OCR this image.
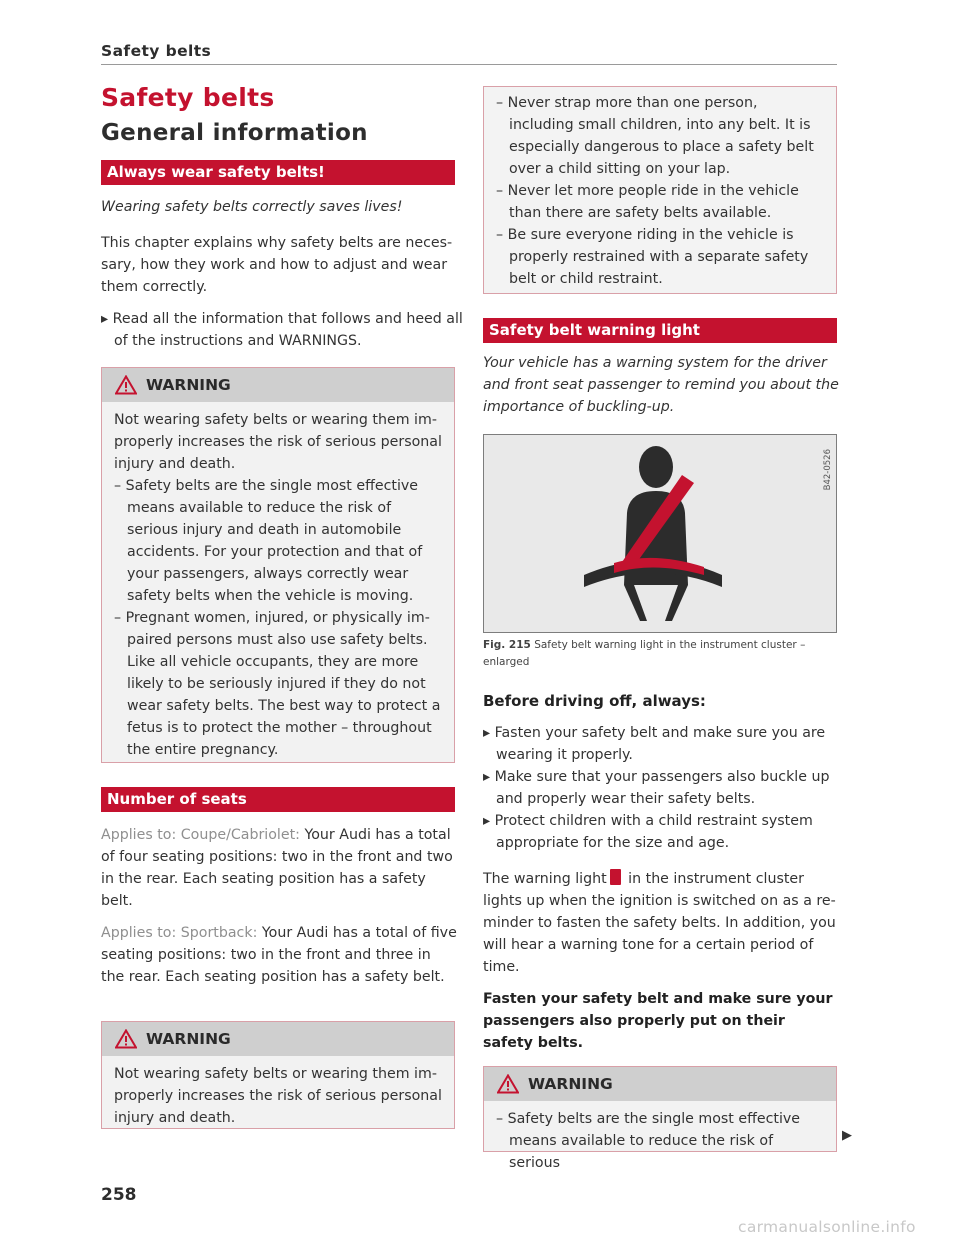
Safety belts
Safety belts
General information
Always wear safety belts!
Wearing safety belts correctly saves lives!
This chapter explains why safety belts are necessary, how they work and how to adjust and wear them correctly.
▸ Read all the information that follows and heed all of the instructions and WARNINGS.
WARNING
Not wearing safety belts or wearing them improperly increases the risk of serious personal injury and death.
– Safety belts are the single most effective means available to reduce the risk of serious injury and death in automobile accidents. For your protection and that of your passengers, always correctly wear safety belts when the vehicle is moving.
– Pregnant women, injured, or physically impaired persons must also use safety belts. Like all vehicle occupants, they are more likely to be seriously injured if they do not wear safety belts. The best way to protect a fetus is to protect the mother – throughout the entire pregnancy.
Number of seats
Applies to: Coupe/Cabriolet: Your Audi has a total of four seating positions: two in the front and two in the rear. Each seating position has a safety belt.
Applies to: Sportback: Your Audi has a total of five seating positions: two in the front and three in the rear. Each seating position has a safety belt.
WARNING
Not wearing safety belts or wearing them improperly increases the risk of serious personal injury and death.
– Never strap more than one person, including small children, into any belt. It is especially dangerous to place a safety belt over a child sitting on your lap.
– Never let more people ride in the vehicle than there are safety belts available.
– Be sure everyone riding in the vehicle is properly restrained with a separate safety belt or child restraint.
Safety belt warning light
Your vehicle has a warning system for the driver and front seat passenger to remind you about the importance of buckling-up.
B42-0526
Fig. 215 Safety belt warning light in the instrument cluster – enlarged
Before driving off, always:
▸ Fasten your safety belt and make sure you are wearing it properly.
▸ Make sure that your passengers also buckle up and properly wear their safety belts.
▸ Protect children with a child restraint system appropriate for the size and age.
The warning light in the instrument cluster lights up when the ignition is switched on as a reminder to fasten the safety belts. In addition, you will hear a warning tone for a certain period of time.
Fasten your safety belt and make sure your passengers also properly put on their safety belts.
WARNING
– Safety belts are the single most effective means available to reduce the risk of serious
▶
258
carmanualsonline.info
